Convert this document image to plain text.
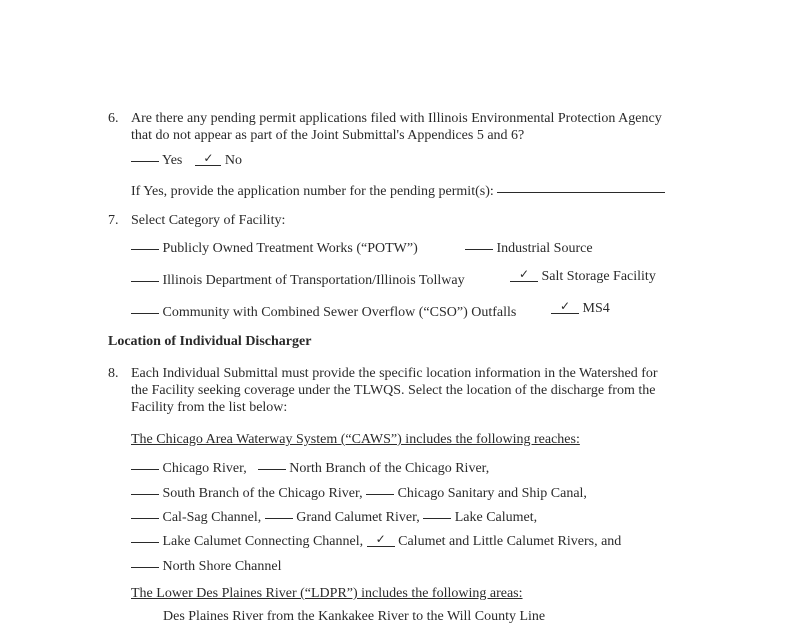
6. Are there any pending permit applications filed with Illinois Environmental Protection Agency
that do not appear as part of the Joint Submittal's Appendices 5 and 6?
Yes ✓ No
If Yes, provide the application number for the pending permit(s):
7. Select Category of Facility:
Publicly Owned Treatment Works (“POTW”)	Industrial Source
Illinois Department of Transportation/Illinois Tollway	✓ Salt Storage Facility
Community with Combined Sewer Overflow (“CSO”) Outfalls	✓ MS4
Location of Individual Discharger
8. Each Individual Submittal must provide the specific location information in the Watershed for
the Facility seeking coverage under the TLWQS. Select the location of the discharge from the
Facility from the list below:
The Chicago Area Waterway System (“CAWS”) includes the following reaches:
Chicago River,	North Branch of the Chicago River,
South Branch of the Chicago River,	Chicago Sanitary and Ship Canal,
Cal-Sag Channel,	Grand Calumet River,	Lake Calumet,
Lake Calumet Connecting Channel, ✓ Calumet and Little Calumet Rivers, and
North Shore Channel
The Lower Des Plaines River (“LDPR”) includes the following areas:
Des Plaines River from the Kankakee River to the Will County Line
